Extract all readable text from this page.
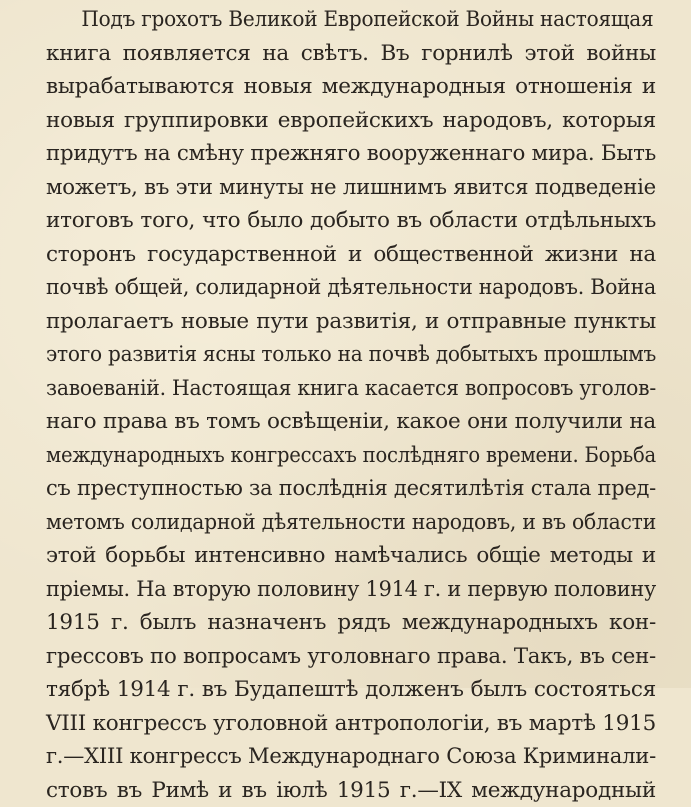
Подъ грохотъ Великой Европейской Войны настоящая
книга появляется на свѣтъ. Въ горнилѣ этой войны
вырабатываются новыя международныя отношенія и
новыя группировки европейскихъ народовъ, которыя
придутъ на смѣну прежняго вооруженнаго мира. Быть
можетъ, въ эти минуты не лишнимъ явится подведеніе
итоговъ того, что было добыто въ области отдѣльныхъ
сторонъ государственной и общественной жизни на
почвѣ общей, солидарной дѣятельности народовъ. Война
пролагаетъ новые пути развитія, и отправные пункты
этого развитія ясны только на почвѣ добытыхъ прошлымъ
завоеваній. Настоящая книга касается вопросовъ уголов-
наго права въ томъ освѣщеніи, какое они получили на
международныхъ конгрессахъ послѣдняго времени. Борьба
съ преступностью за послѣднія десятилѣтія стала пред-
метомъ солидарной дѣятельности народовъ, и въ области
этой борьбы интенсивно намѣчались общіе методы и
пріемы. На вторую половину 1914 г. и первую половину
1915 г. былъ назначенъ рядъ международныхъ кон-
грессовъ по вопросамъ уголовнаго права. Такъ, въ сен-
тябрѣ 1914 г. въ Будапештѣ долженъ былъ состояться
VIII конгрессъ уголовной антропологіи, въ мартѣ 1915
г.—XIII конгрессъ Международнаго Союза Криминали-
стовъ въ Римѣ и въ іюлѣ 1915 г.—IX международный
